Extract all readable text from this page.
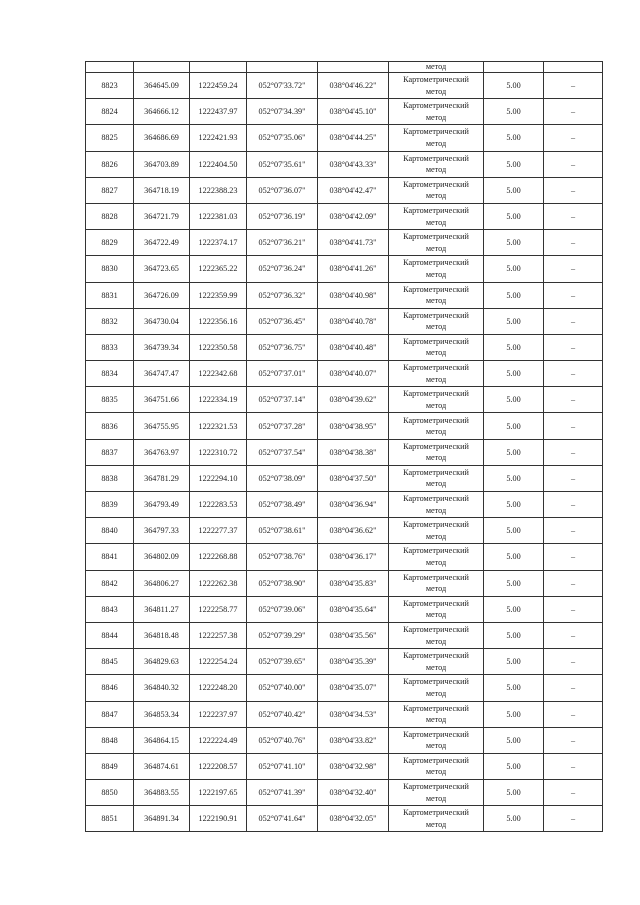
					метод		
8823	364645.09	1222459.24	052°07'33.72"	038°04'46.22"	Картометрический
метод	5.00	–
8824	364666.12	1222437.97	052°07'34.39"	038°04'45.10"	Картометрический
метод	5.00	–
8825	364686.69	1222421.93	052°07'35.06"	038°04'44.25"	Картометрический
метод	5.00	–
8826	364703.89	1222404.50	052°07'35.61"	038°04'43.33"	Картометрический
метод	5.00	–
8827	364718.19	1222388.23	052°07'36.07"	038°04'42.47"	Картометрический
метод	5.00	–
8828	364721.79	1222381.03	052°07'36.19"	038°04'42.09"	Картометрический
метод	5.00	–
8829	364722.49	1222374.17	052°07'36.21"	038°04'41.73"	Картометрический
метод	5.00	–
8830	364723.65	1222365.22	052°07'36.24"	038°04'41.26"	Картометрический
метод	5.00	–
8831	364726.09	1222359.99	052°07'36.32"	038°04'40.98"	Картометрический
метод	5.00	–
8832	364730.04	1222356.16	052°07'36.45"	038°04'40.78"	Картометрический
метод	5.00	–
8833	364739.34	1222350.58	052°07'36.75"	038°04'40.48"	Картометрический
метод	5.00	–
8834	364747.47	1222342.68	052°07'37.01"	038°04'40.07"	Картометрический
метод	5.00	–
8835	364751.66	1222334.19	052°07'37.14"	038°04'39.62"	Картометрический
метод	5.00	–
8836	364755.95	1222321.53	052°07'37.28"	038°04'38.95"	Картометрический
метод	5.00	–
8837	364763.97	1222310.72	052°07'37.54"	038°04'38.38"	Картометрический
метод	5.00	–
8838	364781.29	1222294.10	052°07'38.09"	038°04'37.50"	Картометрический
метод	5.00	–
8839	364793.49	1222283.53	052°07'38.49"	038°04'36.94"	Картометрический
метод	5.00	–
8840	364797.33	1222277.37	052°07'38.61"	038°04'36.62"	Картометрический
метод	5.00	–
8841	364802.09	1222268.88	052°07'38.76"	038°04'36.17"	Картометрический
метод	5.00	–
8842	364806.27	1222262.38	052°07'38.90"	038°04'35.83"	Картометрический
метод	5.00	–
8843	364811.27	1222258.77	052°07'39.06"	038°04'35.64"	Картометрический
метод	5.00	–
8844	364818.48	1222257.38	052°07'39.29"	038°04'35.56"	Картометрический
метод	5.00	–
8845	364829.63	1222254.24	052°07'39.65"	038°04'35.39"	Картометрический
метод	5.00	–
8846	364840.32	1222248.20	052°07'40.00"	038°04'35.07"	Картометрический
метод	5.00	–
8847	364853.34	1222237.97	052°07'40.42"	038°04'34.53"	Картометрический
метод	5.00	–
8848	364864.15	1222224.49	052°07'40.76"	038°04'33.82"	Картометрический
метод	5.00	–
8849	364874.61	1222208.57	052°07'41.10"	038°04'32.98"	Картометрический
метод	5.00	–
8850	364883.55	1222197.65	052°07'41.39"	038°04'32.40"	Картометрический
метод	5.00	–
8851	364891.34	1222190.91	052°07'41.64"	038°04'32.05"	Картометрический
метод	5.00	–
